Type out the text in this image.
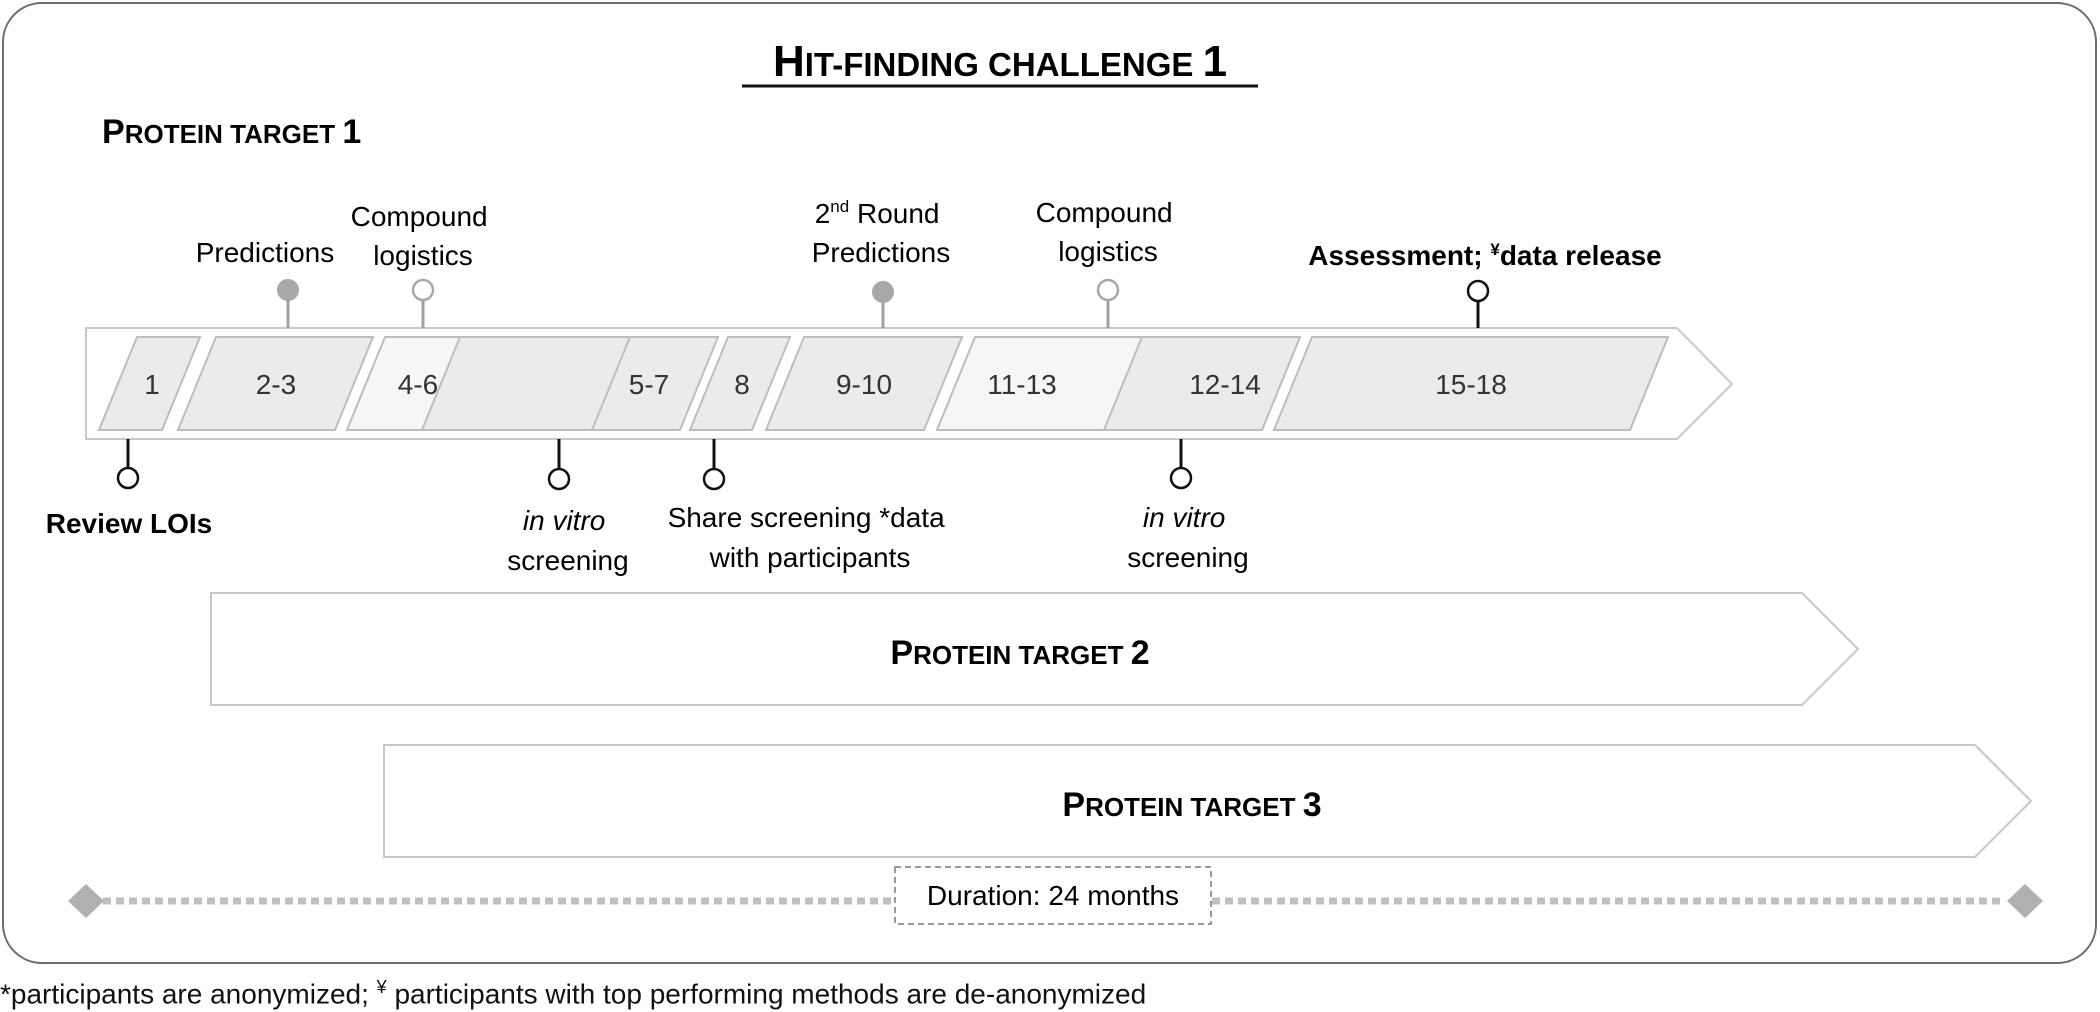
HIT-FINDING CHALLENGE 1
PROTEIN TARGET 1
1	2-3	4-6	5-7 8	9-10	11-13	12-14	15-18
Predictions
Compound logistics
2nd Round Predictions
Compound logistics	Assessment; ¥data release
Review LOIs	in vitro screening
Share screening *data with participants
in vitro screening
PROTEIN TARGET 2
PROTEIN TARGET 3
Duration: 24 months
*participants are anonymized; ¥ participants with top performing methods are de-anonymized
